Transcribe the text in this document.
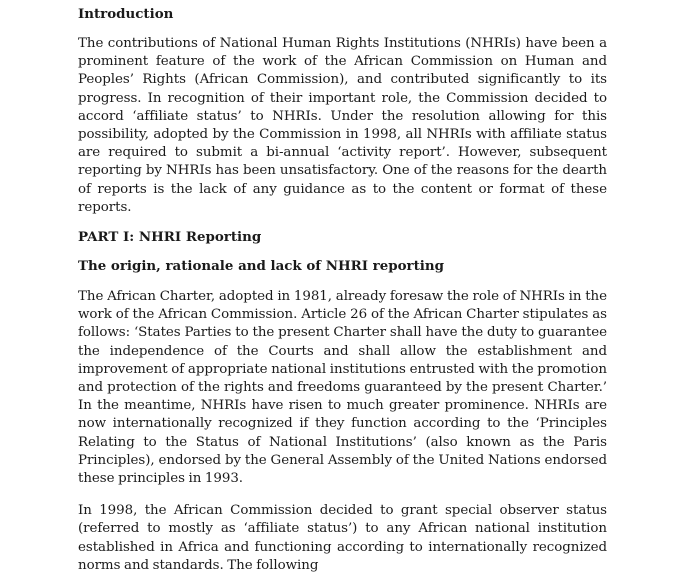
Introduction

The contributions of National Human Rights Institutions (NHRIs) have been a prominent feature of the work of the African Commission on Human and Peoples’ Rights (African Commission), and contributed significantly to its progress. In recognition of their important role, the Commission decided to accord ‘affiliate status’ to NHRIs. Under the resolution allowing for this possibility, adopted by the Commission in 1998, all NHRIs with affiliate status are required to submit a bi-annual ‘activity report’. However, subsequent reporting by NHRIs has been unsatisfactory. One of the reasons for the dearth of reports is the lack of any guidance as to the content or format of these reports.

PART I: NHRI Reporting
The origin, rationale and lack of NHRI reporting

The African Charter, adopted in 1981, already foresaw the role of NHRIs in the work of the African Commission. Article 26 of the African Charter stipulates as follows: ‘States Parties to the present Charter shall have the duty to guarantee the independence of the Courts and shall allow the establishment and improvement of appropriate national institutions entrusted with the promotion and protection of the rights and freedoms guaranteed by the present Charter.’ In the meantime, NHRIs have risen to much greater prominence. NHRIs are now internationally recognized if they function according to the ‘Principles Relating to the Status of National Institutions’ (also known as the Paris Principles), endorsed by the General Assembly of the United Nations endorsed these principles in 1993.

In 1998, the African Commission decided to grant special observer status (referred to mostly as ‘affiliate status’) to any African national institution established in Africa and functioning according to internationally recognized norms and standards. The following
